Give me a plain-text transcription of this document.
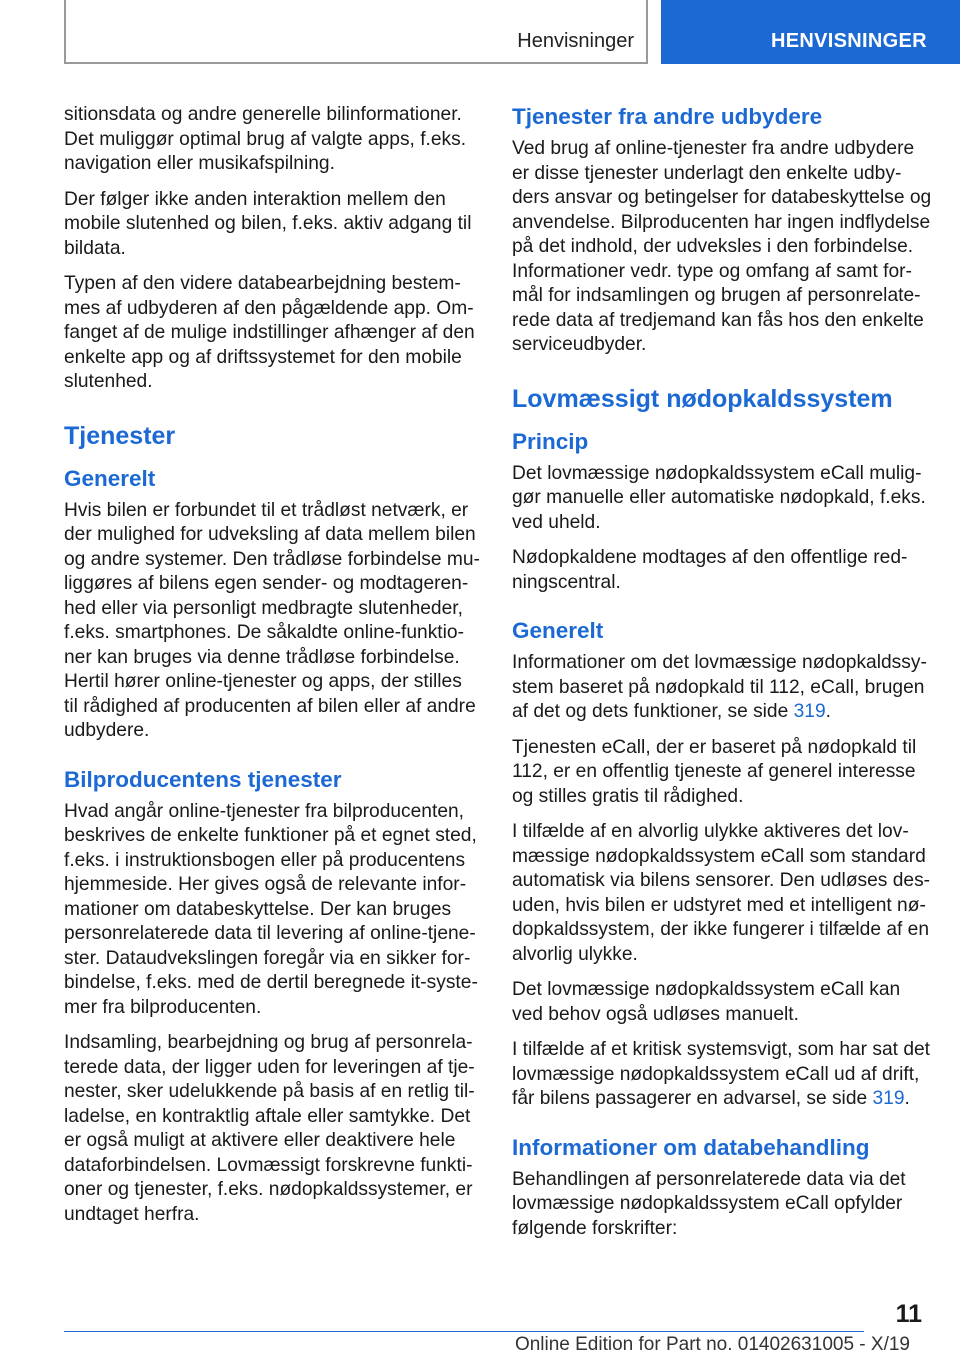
Henvisninger	HENVISNINGER

sitionsdata og andre generelle bilinformationer. Det muliggør optimal brug af valgte apps, f.eks. navigation eller musikafspilning.

Der følger ikke anden interaktion mellem den mobile slutenhed og bilen, f.eks. aktiv adgang til bildata.

Typen af den videre databearbejdning bestemmes af udbyderen af den pågældende app. Omfanget af de mulige indstillinger afhænger af den enkelte app og af driftssystemet for den mobile slutenhed.

Tjenester
Generelt

Hvis bilen er forbundet til et trådløst netværk, er der mulighed for udveksling af data mellem bilen og andre systemer. Den trådløse forbindelse muliggøres af bilens egen sender- og modtagerenhed eller via personligt medbragte slutenheder, f.eks. smartphones. De såkaldte online-funktioner kan bruges via denne trådløse forbindelse. Hertil hører online-tjenester og apps, der stilles til rådighed af producenten af bilen eller af andre udbydere.

Bilproducentens tjenester

Hvad angår online-tjenester fra bilproducenten, beskrives de enkelte funktioner på et egnet sted, f.eks. i instruktionsbogen eller på producentens hjemmeside. Her gives også de relevante informationer om databeskyttelse. Der kan bruges personrelaterede data til levering af online-tjenester. Dataudvekslingen foregår via en sikker forbindelse, f.eks. med de dertil beregnede it-systemer fra bilproducenten.

Indsamling, bearbejdning og brug af personrelaterede data, der ligger uden for leveringen af tjenester, sker udelukkende på basis af en retlig tilladelse, en kontraktlig aftale eller samtykke. Det er også muligt at aktivere eller deaktivere hele dataforbindelsen. Lovmæssigt forskrevne funktioner og tjenester, f.eks. nødopkaldssystemer, er undtaget herfra.

Tjenester fra andre udbydere

Ved brug af online-tjenester fra andre udbydere er disse tjenester underlagt den enkelte udbyders ansvar og betingelser for databeskyttelse og anvendelse. Bilproducenten har ingen indflydelse på det indhold, der udveksles i den forbindelse. Informationer vedr. type og omfang af samt formål for indsamlingen og brugen af personrelaterede data af tredjemand kan fås hos den enkelte serviceudbyder.

Lovmæssigt nødopkaldssystem
Princip

Det lovmæssige nødopkaldssystem eCall muliggør manuelle eller automatiske nødopkald, f.eks. ved uheld.

Nødopkaldene modtages af den offentlige redningscentral.

Generelt

Informationer om det lovmæssige nødopkaldssystem baseret på nødopkald til 112, eCall, brugen af det og dets funktioner, se side 319.

Tjenesten eCall, der er baseret på nødopkald til 112, er en offentlig tjeneste af generel interesse og stilles gratis til rådighed.

I tilfælde af en alvorlig ulykke aktiveres det lovmæssige nødopkaldssystem eCall som standard automatisk via bilens sensorer. Den udløses desuden, hvis bilen er udstyret med et intelligent nødopkaldssystem, der ikke fungerer i tilfælde af en alvorlig ulykke.

Det lovmæssige nødopkaldssystem eCall kan ved behov også udløses manuelt.

I tilfælde af et kritisk systemsvigt, som har sat det lovmæssige nødopkaldssystem eCall ud af drift, får bilens passagerer en advarsel, se side 319.

Informationer om databehandling

Behandlingen af personrelaterede data via det lovmæssige nødopkaldssystem eCall opfylder følgende forskrifter:

11
Online Edition for Part no. 01402631005 - X/19
